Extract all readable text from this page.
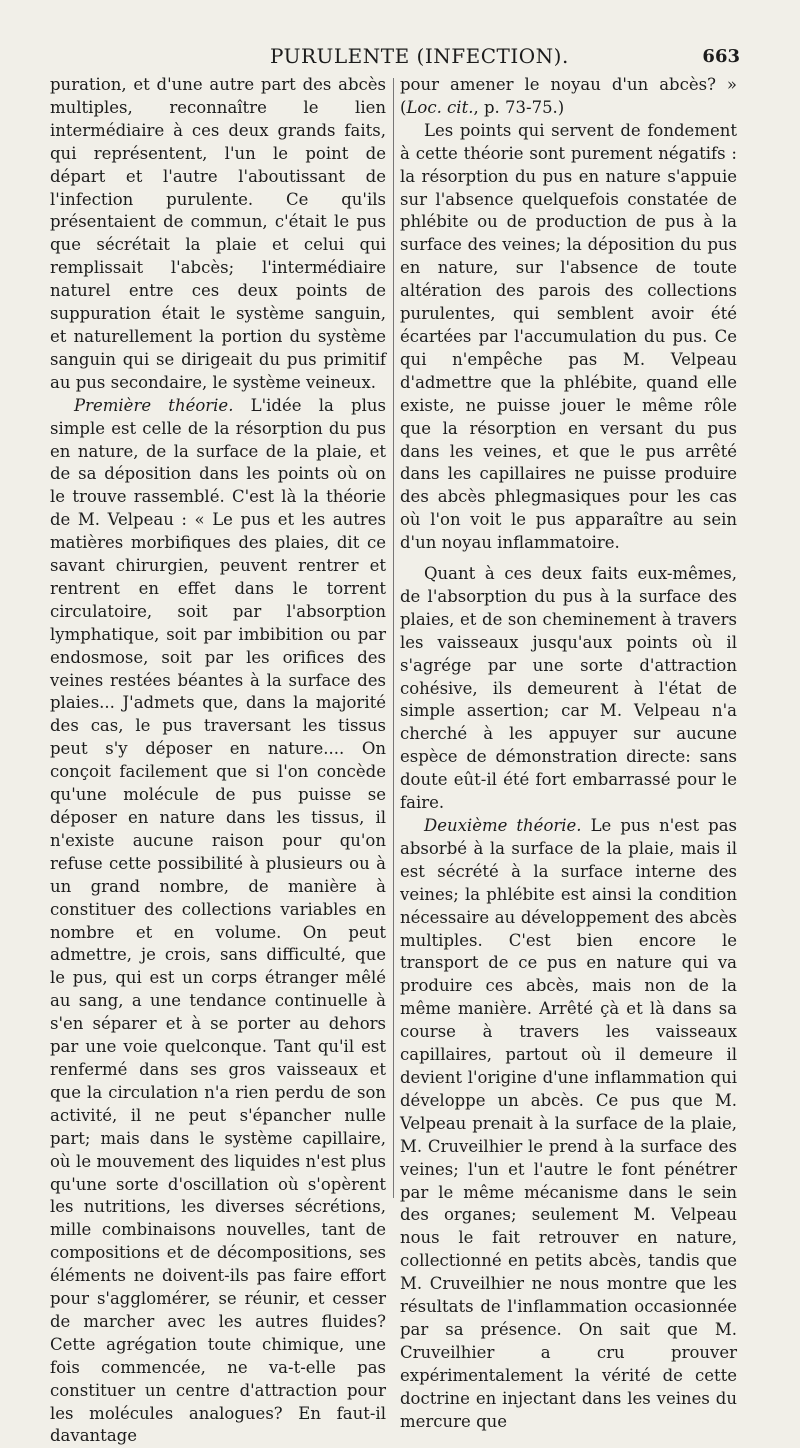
PURULENTE (INFECTION).	663

puration, et d'une autre part des abcès multiples, reconnaître le lien intermédiaire à ces deux grands faits, qui représentent, l'un le point de départ et l'autre l'aboutissant de l'infection purulente. Ce qu'ils présentaient de commun, c'était le pus que sécrétait la plaie et celui qui remplissait l'abcès; l'intermédiaire naturel entre ces deux points de suppuration était le système sanguin, et naturellement la portion du système sanguin qui se dirigeait du pus primitif au pus secondaire, le système veineux.

Première théorie. L'idée la plus simple est celle de la résorption du pus en nature, de la surface de la plaie, et de sa déposition dans les points où on le trouve rassemblé. C'est là la théorie de M. Velpeau : « Le pus et les autres matières morbifiques des plaies, dit ce savant chirurgien, peuvent rentrer et rentrent en effet dans le torrent circulatoire, soit par l'absorption lymphatique, soit par imbibition ou par endosmose, soit par les orifices des veines restées béantes à la surface des plaies... J'admets que, dans la majorité des cas, le pus traversant les tissus peut s'y déposer en nature.... On conçoit facilement que si l'on concède qu'une molécule de pus puisse se déposer en nature dans les tissus, il n'existe aucune raison pour qu'on refuse cette possibilité à plusieurs ou à un grand nombre, de manière à constituer des collections variables en nombre et en volume. On peut admettre, je crois, sans difficulté, que le pus, qui est un corps étranger mêlé au sang, a une tendance continuelle à s'en séparer et à se porter au dehors par une voie quelconque. Tant qu'il est renfermé dans ses gros vaisseaux et que la circulation n'a rien perdu de son activité, il ne peut s'épancher nulle part; mais dans le système capillaire, où le mouvement des liquides n'est plus qu'une sorte d'oscillation où s'opèrent les nutritions, les diverses sécrétions, mille combinaisons nouvelles, tant de compositions et de décompositions, ses éléments ne doivent-ils pas faire effort pour s'agglomérer, se réunir, et cesser de marcher avec les autres fluides? Cette agrégation toute chimique, une fois commencée, ne va-t-elle pas constituer un centre d'attraction pour les molécules analogues? En faut-il davantage

pour amener le noyau d'un abcès? » (Loc. cit., p. 73-75.)

Les points qui servent de fondement à cette théorie sont purement négatifs : la résorption du pus en nature s'appuie sur l'absence quelquefois constatée de phlébite ou de production de pus à la surface des veines; la déposition du pus en nature, sur l'absence de toute altération des parois des collections purulentes, qui semblent avoir été écartées par l'accumulation du pus. Ce qui n'empêche pas M. Velpeau d'admettre que la phlébite, quand elle existe, ne puisse jouer le même rôle que la résorption en versant du pus dans les veines, et que le pus arrêté dans les capillaires ne puisse produire des abcès phlegmasiques pour les cas où l'on voit le pus apparaître au sein d'un noyau inflammatoire.

Quant à ces deux faits eux-mêmes, de l'absorption du pus à la surface des plaies, et de son cheminement à travers les vaisseaux jusqu'aux points où il s'agrége par une sorte d'attraction cohésive, ils demeurent à l'état de simple assertion; car M. Velpeau n'a cherché à les appuyer sur aucune espèce de démonstration directe: sans doute eût-il été fort embarrassé pour le faire.

Deuxième théorie. Le pus n'est pas absorbé à la surface de la plaie, mais il est sécrété à la surface interne des veines; la phlébite est ainsi la condition nécessaire au développement des abcès multiples. C'est bien encore le transport de ce pus en nature qui va produire ces abcès, mais non de la même manière. Arrêté çà et là dans sa course à travers les vaisseaux capillaires, partout où il demeure il devient l'origine d'une inflammation qui développe un abcès. Ce pus que M. Velpeau prenait à la surface de la plaie, M. Cruveilhier le prend à la surface des veines; l'un et l'autre le font pénétrer par le même mécanisme dans le sein des organes; seulement M. Velpeau nous le fait retrouver en nature, collectionné en petits abcès, tandis que M. Cruveilhier ne nous montre que les résultats de l'inflammation occasionnée par sa présence. On sait que M. Cruveilhier a cru prouver expérimentalement la vérité de cette doctrine en injectant dans les veines du mercure que
